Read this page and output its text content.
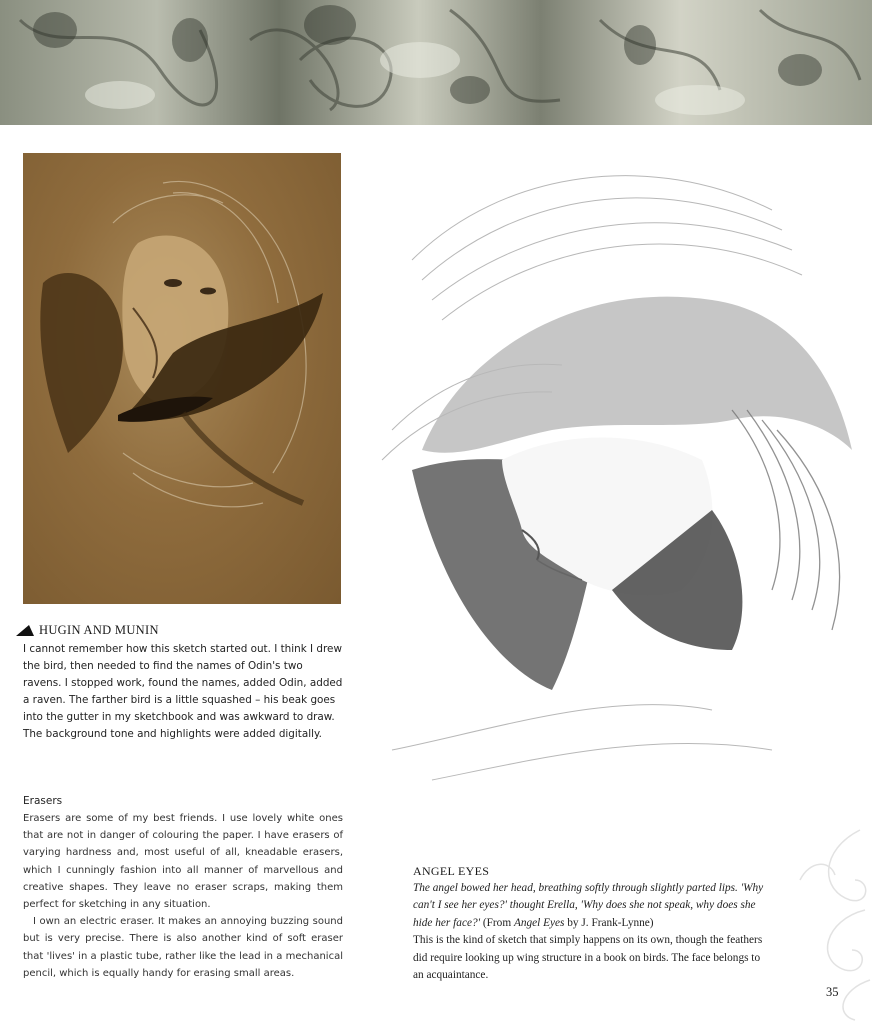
HUGIN AND MUNIN

I cannot remember how this sketch started out. I think I drew the bird, then needed to find the names of Odin's two ravens. I stopped work, found the names, added Odin, added a raven. The farther bird is a little squashed – his beak goes into the gutter in my sketchbook and was awkward to draw. The background tone and highlights were added digitally.

Erasers

Erasers are some of my best friends. I use lovely white ones that are not in danger of colouring the paper. I have erasers of varying hardness and, most useful of all, kneadable erasers, which I cunningly fashion into all manner of marvellous and creative shapes. They leave no eraser scraps, making them perfect for sketching in any situation.

I own an electric eraser. It makes an annoying buzzing sound but is very precise. There is also another kind of soft eraser that 'lives' in a plastic tube, rather like the lead in a mechanical pencil, which is equally handy for erasing small areas.

ANGEL EYES

The angel bowed her head, breathing softly through slightly parted lips. 'Why can't I see her eyes?' thought Erella, 'Why does she not speak, why does she hide her face?' (From Angel Eyes by J. Frank-Lynne)

This is the kind of sketch that simply happens on its own, though the feathers did require looking up wing structure in a book on birds. The face belongs to an acquaintance.

35
